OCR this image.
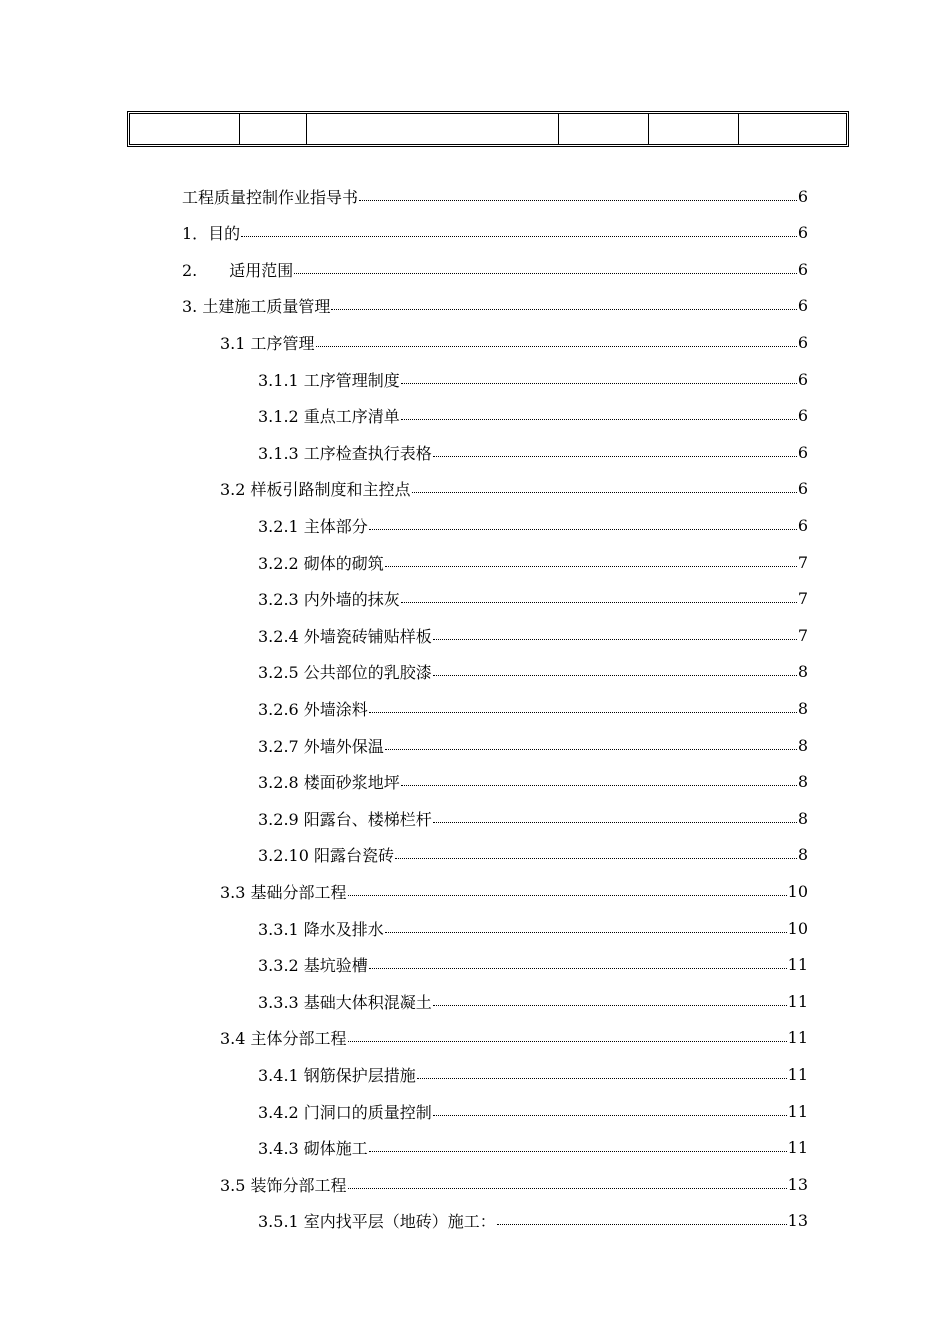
工程质量控制作业指导书	6
1．目的	6
2.　　适用范围	6
3. 土建施工质量管理	6
3.1 工序管理	6
3.1.1 工序管理制度	6
3.1.2 重点工序清单	6
3.1.3 工序检查执行表格	6
3.2 样板引路制度和主控点	6
3.2.1 主体部分	6
3.2.2 砌体的砌筑	7
3.2.3 内外墙的抹灰	7
3.2.4 外墙瓷砖铺贴样板	7
3.2.5 公共部位的乳胶漆	8
3.2.6 外墙涂料	8
3.2.7 外墙外保温	8
3.2.8 楼面砂浆地坪	8
3.2.9 阳露台、楼梯栏杆	8
3.2.10 阳露台瓷砖	8
3.3 基础分部工程	10
3.3.1 降水及排水	10
3.3.2 基坑验槽	11
3.3.3 基础大体积混凝土	11
3.4 主体分部工程	11
3.4.1 钢筋保护层措施	11
3.4.2 门洞口的质量控制	11
3.4.3 砌体施工	11
3.5 装饰分部工程	13
3.5.1 室内找平层（地砖）施工：	13
